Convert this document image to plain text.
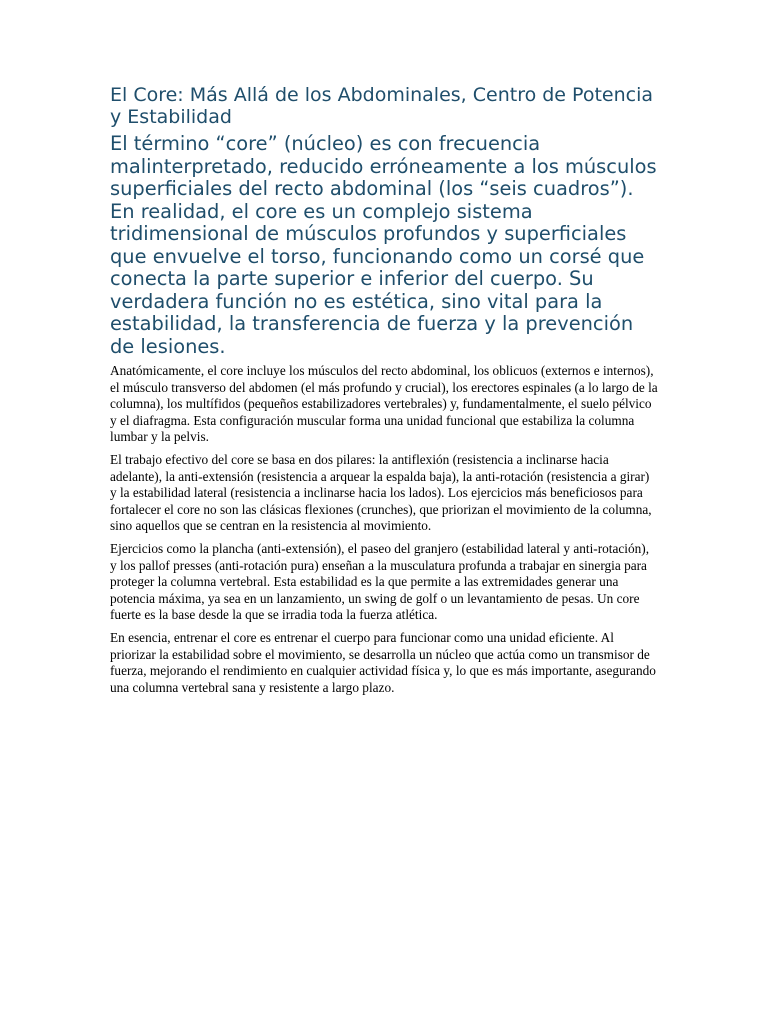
El Core: Más Allá de los Abdominales, Centro de Potencia y Estabilidad
El término “core” (núcleo) es con frecuencia malinterpretado, reducido erróneamente a los músculos superficiales del recto abdominal (los “seis cuadros”). En realidad, el core es un complejo sistema tridimensional de músculos profundos y superficiales que envuelve el torso, funcionando como un corsé que conecta la parte superior e inferior del cuerpo. Su verdadera función no es estética, sino vital para la estabilidad, la transferencia de fuerza y la prevención de lesiones.

Anatómicamente, el core incluye los músculos del recto abdominal, los oblicuos (externos e internos), el músculo transverso del abdomen (el más profundo y crucial), los erectores espinales (a lo largo de la columna), los multífidos (pequeños estabilizadores vertebrales) y, fundamentalmente, el suelo pélvico y el diafragma. Esta configuración muscular forma una unidad funcional que estabiliza la columna lumbar y la pelvis.

El trabajo efectivo del core se basa en dos pilares: la antiflexión (resistencia a inclinarse hacia adelante), la anti-extensión (resistencia a arquear la espalda baja), la anti-rotación (resistencia a girar) y la estabilidad lateral (resistencia a inclinarse hacia los lados). Los ejercicios más beneficiosos para fortalecer el core no son las clásicas flexiones (crunches), que priorizan el movimiento de la columna, sino aquellos que se centran en la resistencia al movimiento.

Ejercicios como la plancha (anti-extensión), el paseo del granjero (estabilidad lateral y anti-rotación), y los pallof presses (anti-rotación pura) enseñan a la musculatura profunda a trabajar en sinergia para proteger la columna vertebral. Esta estabilidad es la que permite a las extremidades generar una potencia máxima, ya sea en un lanzamiento, un swing de golf o un levantamiento de pesas. Un core fuerte es la base desde la que se irradia toda la fuerza atlética.

En esencia, entrenar el core es entrenar el cuerpo para funcionar como una unidad eficiente. Al priorizar la estabilidad sobre el movimiento, se desarrolla un núcleo que actúa como un transmisor de fuerza, mejorando el rendimiento en cualquier actividad física y, lo que es más importante, asegurando una columna vertebral sana y resistente a largo plazo.
